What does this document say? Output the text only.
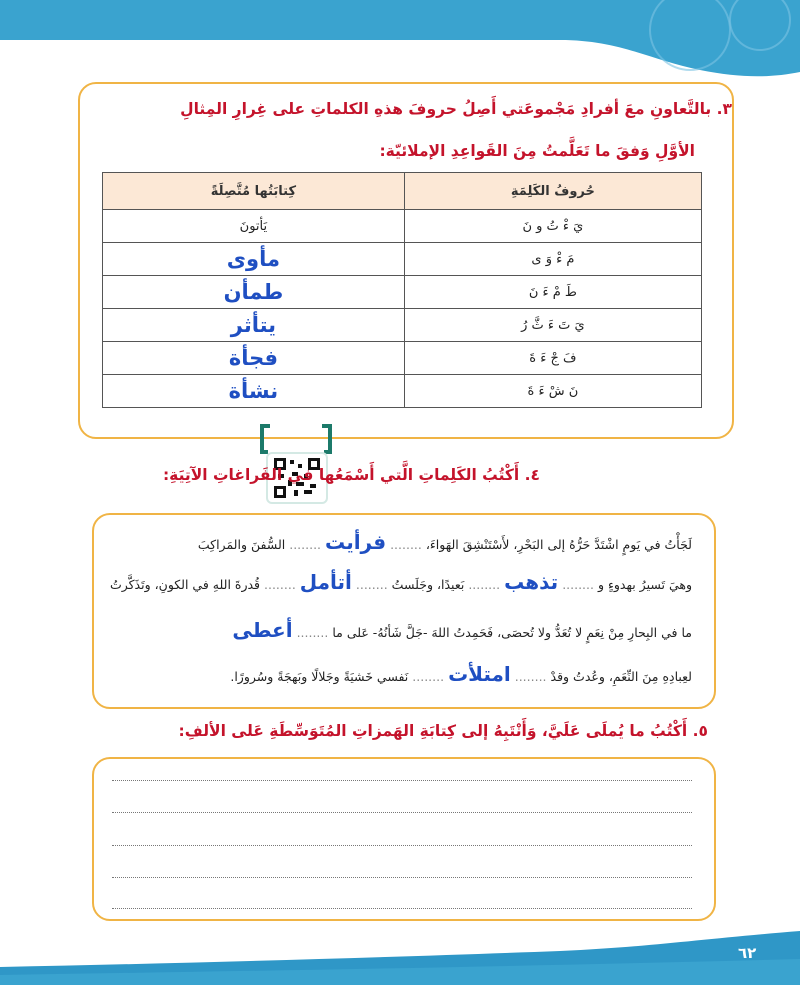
٣. بالتَّعاونِ معَ أفرادِ مَجْموعَتي أَصِلُ حروفَ هذهِ الكلماتِ على غِرارِ المِثالِ
الأوَّلِ وَفقَ ما تَعَلَّمتُ مِنَ القَواعِدِ الإملائيّة:
حُروفُ الكَلِمَةِ	كِتابَتُها مُتَّصِلَةً
يَ ءْ تُ و نَ	يَأتونَ
مَ ءْ وَ ى	مأوى
طَ مْ ءَ نَ	طمأن
يَ تَ ءَ ثَّ رُ	يتأثر
فَ جْ ءَ ةَ	فجأة
نَ شْ ءَ ةَ	نشأة
٤. أَكْتُبُ الكَلِماتِ الَّتي أَسْمَعُها في الفَراغاتِ الآتِيَةِ:
لَجَأْتُ في يَومٍ اشْتَدَّ حَرُّهُ إلى البَحْرِ، لأَسْتَنْشِقَ الهَواءَ، ........ فرأيت ........ السُّفنَ والمَراكِبَ
وهيَ تَسيرُ بهدوءٍ و ........ تذهب ........ بَعيدًا، وجَلَستُ ........ أتأمل ........ قُدرةَ اللهِ في الكونِ، وتَذَكَّرتُ
ما في البِحارِ مِنْ نِعَمٍ لا تُعَدُّ ولا تُحصَى، فَحَمِدتُ اللهَ -جَلَّ شَأنُهُ- عَلى ما ........ أعطى
لعِبادِهِ مِنَ النِّعَمِ، وعُدتُ وقدْ ........ امتلأت ........ نَفسي خَشيَةً وجَلالًا وبَهجَةً وسُرورًا.
٥. أَكْتُبُ ما يُملَى عَلَيَّ، وَأَنْتَبِهُ إلى كِتابَةِ الهَمزاتِ المُتَوَسِّطَةِ عَلى الألفِ:
٦٢
